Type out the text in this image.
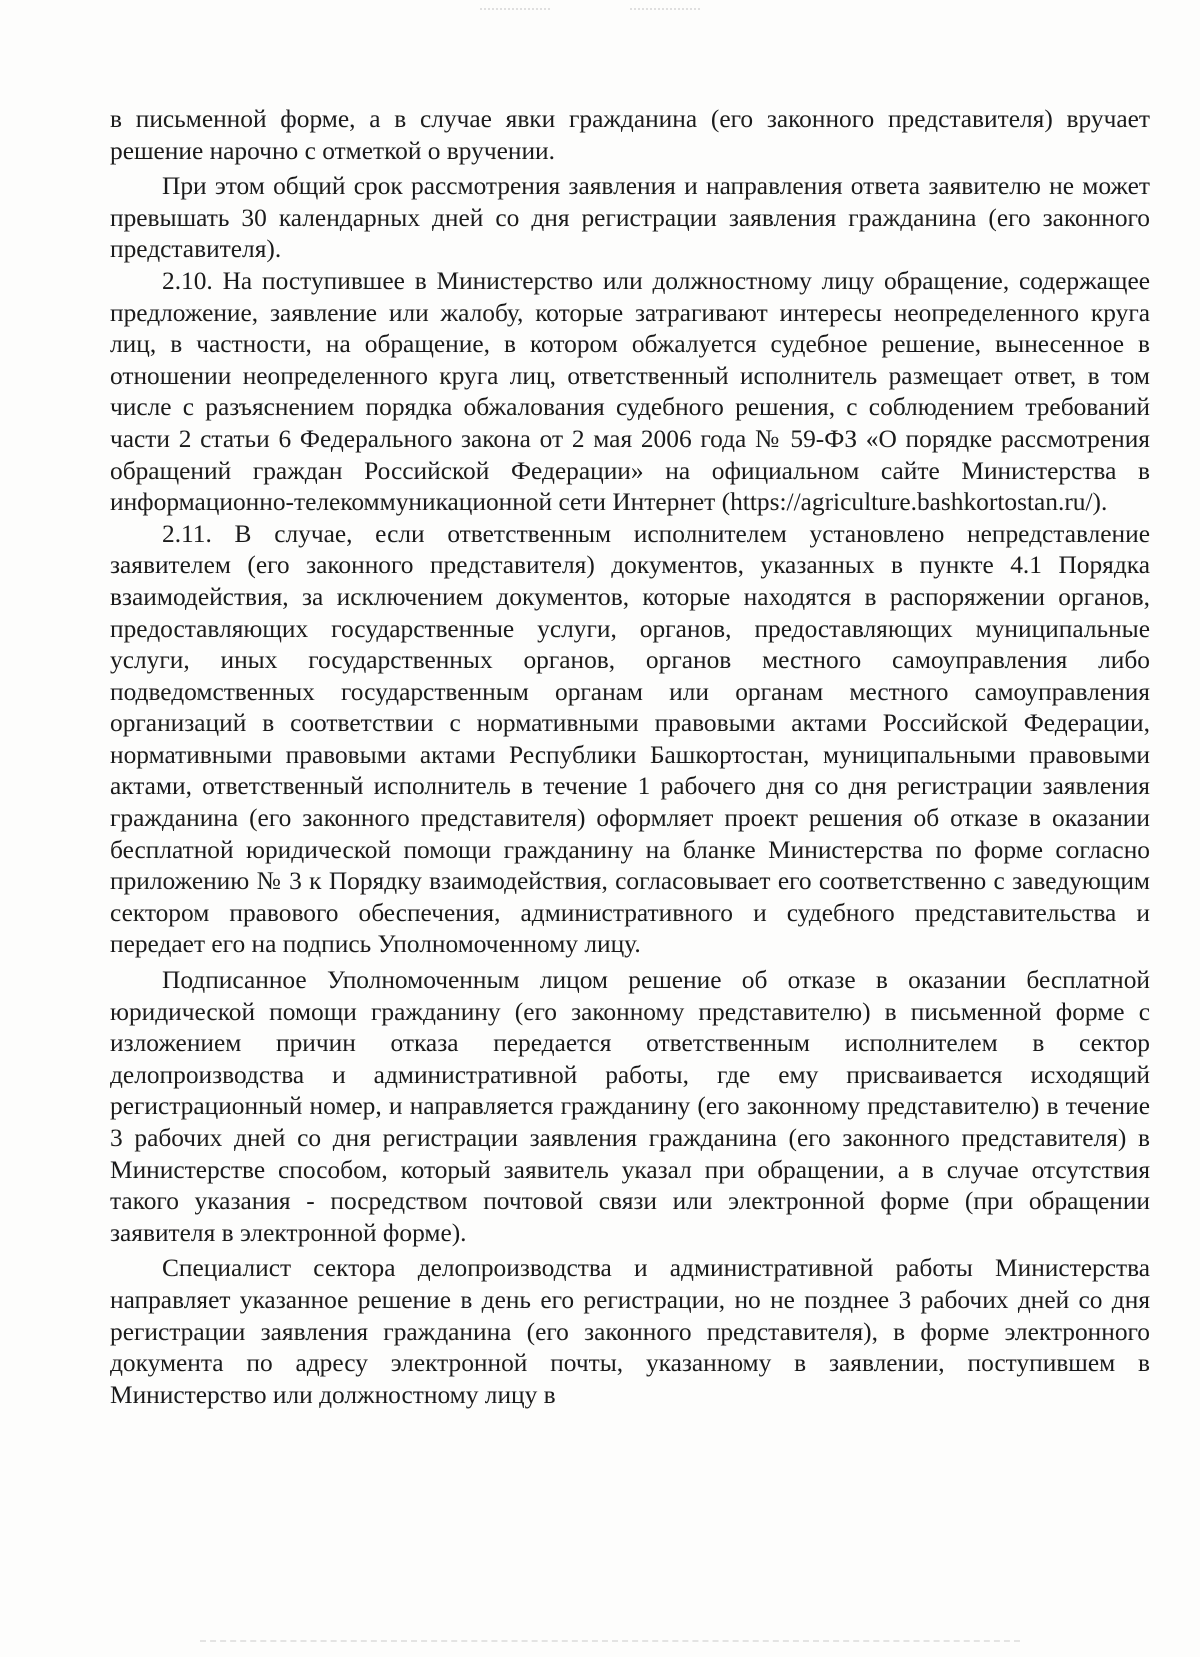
в письменной форме, а в случае явки гражданина (его законного представителя) вручает решение нарочно с отметкой о вручении.

При этом общий срок рассмотрения заявления и направления ответа заявителю не может превышать 30 календарных дней со дня регистрации заявления гражданина (его законного представителя).

2.10. На поступившее в Министерство или должностному лицу обращение, содержащее предложение, заявление или жалобу, которые затрагивают интересы неопределенного круга лиц, в частности, на обращение, в котором обжалуется судебное решение, вынесенное в отношении неопределенного круга лиц, ответственный исполнитель размещает ответ, в том числе с разъяснением порядка обжалования судебного решения, с соблюдением требований части 2 статьи 6 Федерального закона от 2 мая 2006 года № 59-ФЗ «О порядке рассмотрения обращений граждан Российской Федерации» на официальном сайте Министерства в информационно-телекоммуникационной сети Интернет (https://agriculture.bashkortostan.ru/).

2.11. В случае, если ответственным исполнителем установлено непредставление заявителем (его законного представителя) документов, указанных в пункте 4.1 Порядка взаимодействия, за исключением документов, которые находятся в распоряжении органов, предоставляющих государственные услуги, органов, предоставляющих муниципальные услуги, иных государственных органов, органов местного самоуправления либо подведомственных государственным органам или органам местного самоуправления организаций в соответствии с нормативными правовыми актами Российской Федерации, нормативными правовыми актами Республики Башкортостан, муниципальными правовыми актами, ответственный исполнитель в течение 1 рабочего дня со дня регистрации заявления гражданина (его законного представителя) оформляет проект решения об отказе в оказании бесплатной юридической помощи гражданину на бланке Министерства по форме согласно приложению № 3 к Порядку взаимодействия, согласовывает его соответственно с заведующим сектором правового обеспечения, административного и судебного представительства и передает его на подпись Уполномоченному лицу.

Подписанное Уполномоченным лицом решение об отказе в оказании бесплатной юридической помощи гражданину (его законному представителю) в письменной форме с изложением причин отказа передается ответственным исполнителем в сектор делопроизводства и административной работы, где ему присваивается исходящий регистрационный номер, и направляется гражданину (его законному представителю) в течение 3 рабочих дней со дня регистрации заявления гражданина (его законного представителя) в Министерстве способом, который заявитель указал при обращении, а в случае отсутствия такого указания - посредством почтовой связи или электронной форме (при обращении заявителя в электронной форме).

Специалист сектора делопроизводства и административной работы Министерства направляет указанное решение в день его регистрации, но не позднее 3 рабочих дней со дня регистрации заявления гражданина (его законного представителя), в форме электронного документа по адресу электронной почты, указанному в заявлении, поступившем в Министерство или должностному лицу в
